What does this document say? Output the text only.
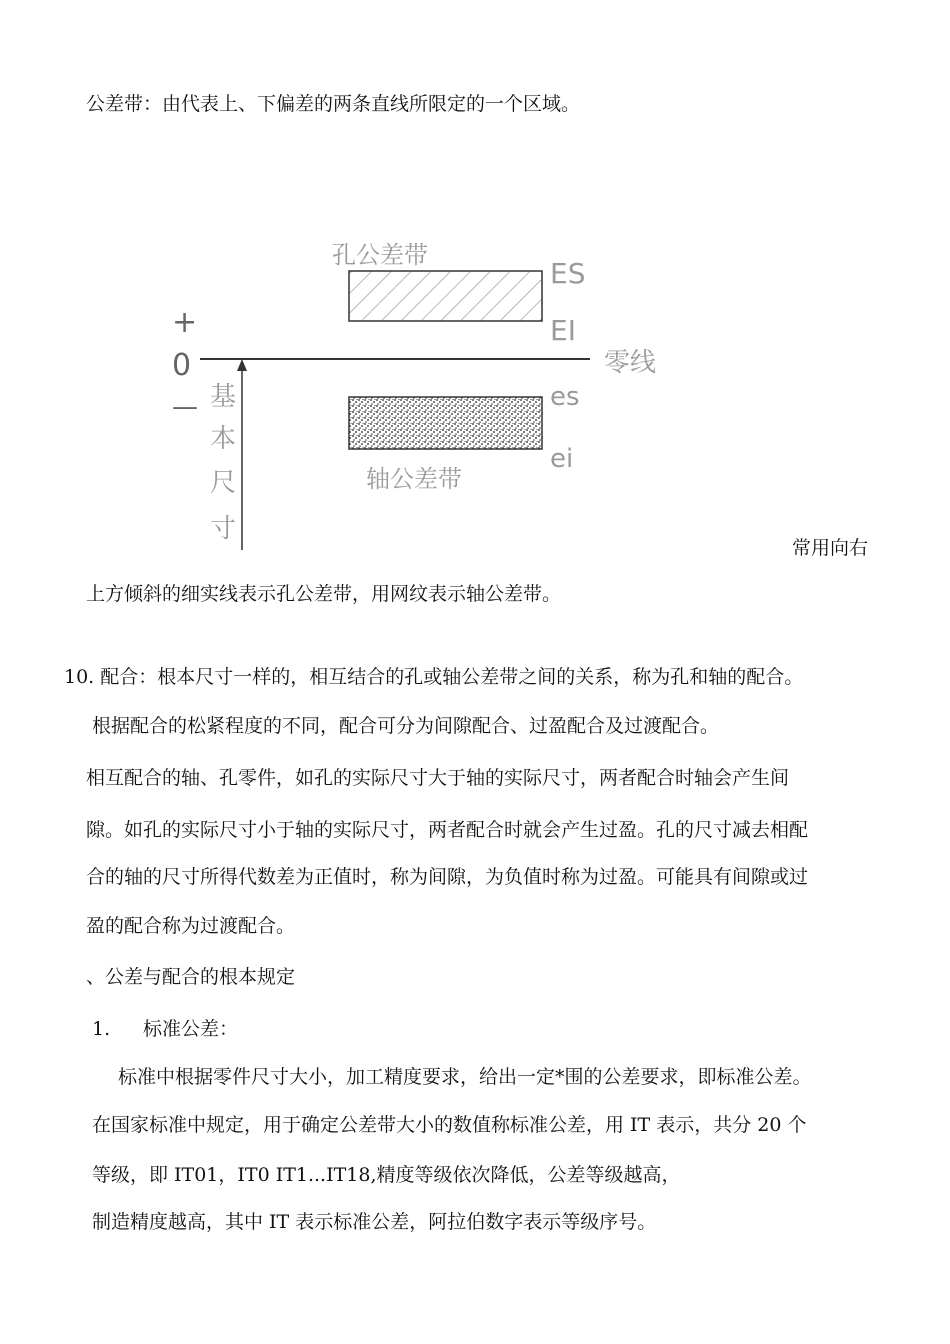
公差带：由代表上、下偏差的两条直线所限定的一个区域。
+
0
—
零线
基
本
尺
寸
孔公差带
ES
EI
es
ei
轴公差带
常用向右
上方倾斜的细实线表示孔公差带，用网纹表示轴公差带。
10. 配合：根本尺寸一样的，相互结合的孔或轴公差带之间的关系，称为孔和轴的配合。
根据配合的松紧程度的不同，配合可分为间隙配合、过盈配合及过渡配合。
相互配合的轴、孔零件，如孔的实际尺寸大于轴的实际尺寸，两者配合时轴会产生间
隙。如孔的实际尺寸小于轴的实际尺寸，两者配合时就会产生过盈。孔的尺寸减去相配
合的轴的尺寸所得代数差为正值时，称为间隙，为负值时称为过盈。可能具有间隙或过
盈的配合称为过渡配合。
、公差与配合的根本规定
1. 标准公差：
标准中根据零件尺寸大小，加工精度要求，给出一定*围的公差要求，即标准公差。
在国家标准中规定，用于确定公差带大小的数值称标准公差，用 IT 表示，共分 20 个
等级，即 IT01，IT0 IT1...IT18,精度等级依次降低，公差等级越高，
制造精度越高，其中 IT 表示标准公差，阿拉伯数字表示等级序号。
